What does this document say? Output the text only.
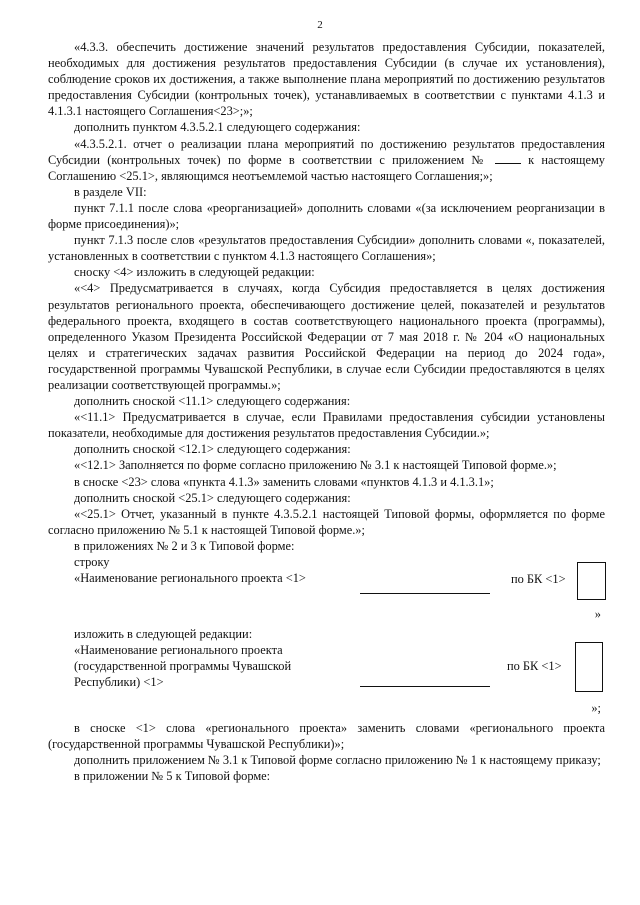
2

«4.3.3. обеспечить достижение значений результатов предоставления Субсидии, показателей, необходимых для достижения результатов предоставления Субсидии (в случае их установления), соблюдение сроков их достижения, а также выполнение плана мероприятий по достижению результатов предоставления Субсидии (контрольных точек), устанавливаемых в соответствии с пунктами 4.1.3 и 4.1.3.1 настоящего Соглашения<23>;»;

дополнить пунктом 4.3.5.2.1 следующего содержания:

«4.3.5.2.1. отчет о реализации плана мероприятий по достижению результатов предоставления Субсидии (контрольных точек) по форме в соответствии с приложением №	к настоящему Соглашению <25.1>, являющимся неотъемлемой частью настоящего Соглашения;»;

в разделе VII:

пункт 7.1.1 после слова «реорганизацией» дополнить словами «(за исключением реорганизации в форме присоединения)»;

пункт 7.1.3 после слов «результатов предоставления Субсидии» дополнить словами «, показателей, установленных в соответствии с пунктом 4.1.3 настоящего Соглашения»;

сноску <4> изложить в следующей редакции:

«<4> Предусматривается в случаях, когда Субсидия предоставляется в целях достижения результатов регионального проекта, обеспечивающего достижение целей, показателей и результатов федерального проекта, входящего в состав соответствующего национального проекта (программы), определенного Указом Президента Российской Федерации от 7 мая 2018 г. № 204 «О национальных целях и стратегических задачах развития Российской Федерации на период до 2024 года», государственной программы Чувашской Республики, в случае если Субсидии предоставляются в целях реализации соответствующей программы.»;

дополнить сноской <11.1> следующего содержания:

«<11.1> Предусматривается в случае, если Правилами предоставления субсидии установлены показатели, необходимые для достижения результатов предоставления Субсидии.»;

дополнить сноской <12.1> следующего содержания:

«<12.1> Заполняется по форме согласно приложению № 3.1 к настоящей Типовой форме.»;

в сноске <23> слова «пункта 4.1.3» заменить словами «пунктов 4.1.3 и 4.1.3.1»;

дополнить сноской <25.1> следующего содержания:

«<25.1> Отчет, указанный в пункте 4.3.5.2.1 настоящей Типовой формы, оформляется по форме согласно приложению № 5.1 к настоящей Типовой форме.»;

в приложениях № 2 и 3 к Типовой форме:

строку

«Наименование регионального проекта <1>	по БК <1>
»

изложить в следующей редакции:

«Наименование регионального проекта (государственной программы Чувашской Республики) <1>
по БК <1>
»;

в сноске <1> слова «регионального проекта» заменить словами «регионального проекта (государственной программы Чувашской Республики)»;

дополнить приложением № 3.1 к Типовой форме согласно приложению № 1 к настоящему приказу;

в приложении № 5 к Типовой форме:
